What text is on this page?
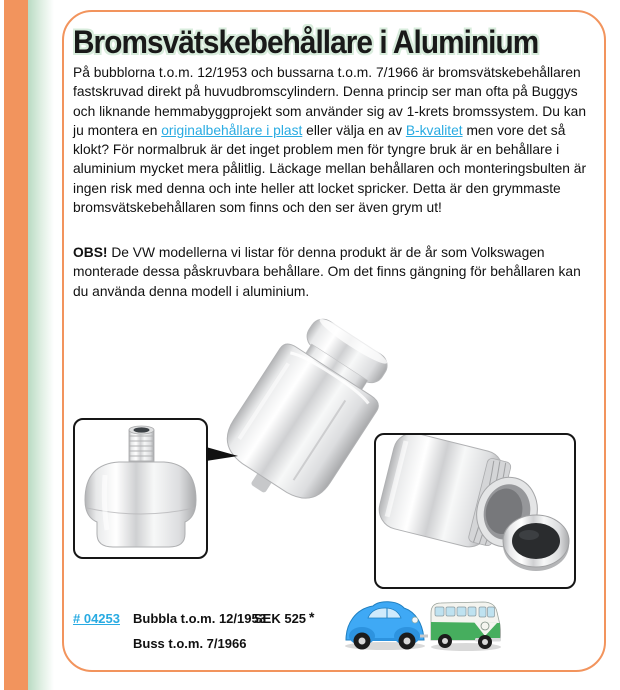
Bromsvätskebehållare i Aluminium

På bubblorna t.o.m. 12/1953 och bussarna t.o.m. 7/1966 är bromsvätskebehållaren fastskruvad direkt på huvudbromscylindern. Denna princip ser man ofta på Buggys och liknande hemmabyggprojekt som använder sig av 1-krets bromssystem. Du kan ju montera en originalbehållare i plast eller välja en av B-kvalitet men vore det så klokt? För normalbruk är det inget problem men för tyngre bruk är en behållare i aluminium mycket mera pålitlig. Läckage mellan behållaren och monteringsbulten är ingen risk med denna och inte heller att locket spricker. Detta är den grymmaste bromsvätskebehållaren som finns och den ser även grym ut!

OBS! De VW modellerna vi listar för denna produkt är de år som Volkswagen monterade dessa påskruvbara behållare. Om det finns gängning för behållaren kan du använda denna modell i aluminium.

# 04253 Bubbla t.o.m. 12/1953
Buss t.o.m. 7/1966
SEK 525 *
